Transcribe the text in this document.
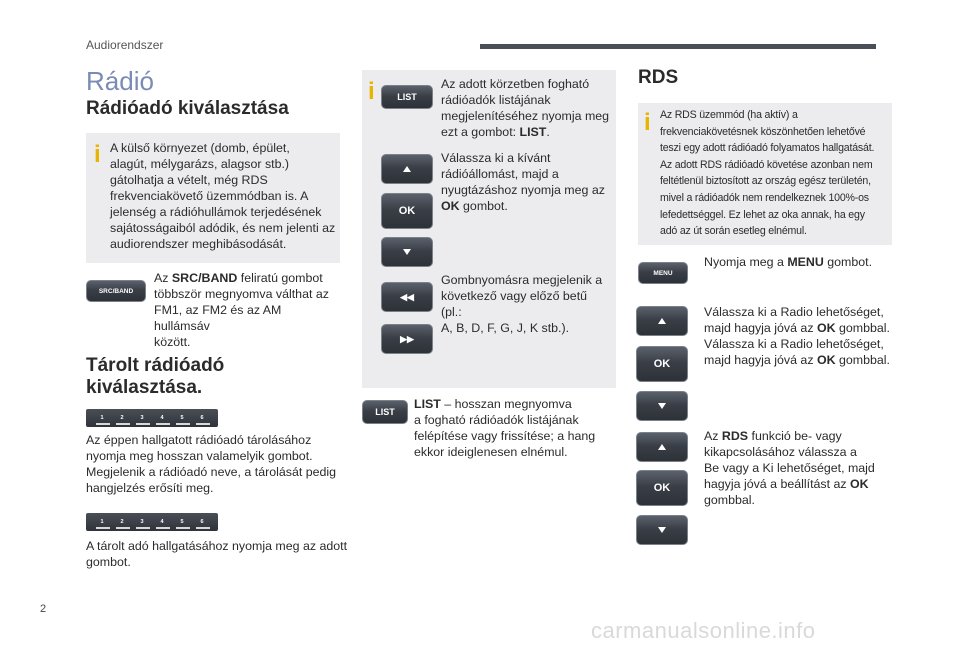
Audiorendszer
Rádió
Rádióadó kiválasztása
i A külső környezet (domb, épület,
alagút, mélygarázs, alagsor stb.)
gátolhatja a vételt, még RDS
frekvenciakövető üzemmódban is. A
jelenség a rádióhullámok terjedésének
sajátosságaiból adódik, és nem jelenti az
audiorendszer meghibásodását.
SRC/BAND
Az SRC/BAND feliratú gombot
többször megnyomva válthat az
FM1, az FM2 és az AM hullámsáv
között.
Tárolt rádióadó
kiválasztása.
1	2	3	4	5	6
Az éppen hallgatott rádióadó tárolásához
nyomja meg hosszan valamelyik gombot.
Megjelenik a rádióadó neve, a tárolását pedig
hangjelzés erősíti meg.
1	2	3	4	5	6
A tárolt adó hallgatásához nyomja meg az adott
gombot.
i	LIST
Az adott körzetben fogható
rádióadók listájának
megjelenítéséhez nyomja meg
ezt a gombot: LIST.
OK
Válassza ki a kívánt
rádióállomást, majd a
nyugtázáshoz nyomja meg az
OK gombot.
◀◀
▶▶
Gombnyomásra megjelenik a
következő vagy előző betű (pl.:
A, B, D, F, G, J, K stb.).
LIST
LIST – hosszan megnyomva
a fogható rádióadók listájának
felépítése vagy frissítése; a hang
ekkor ideiglenesen elnémul.
RDS
i Az RDS üzemmód (ha aktív) a
frekvenciakövetésnek köszönhetően lehetővé
teszi egy adott rádióadó folyamatos hallgatását.
Az adott RDS rádióadó követése azonban nem
feltétlenül biztosított az ország egész területén,
mivel a rádióadók nem rendelkeznek 100%-os
lefedettséggel. Ez lehet az oka annak, ha egy
adó az út során esetleg elnémul.
MENU
Nyomja meg a MENU gombot.
OK
Válassza ki a Radio lehetőséget,
majd hagyja jóvá az OK gombbal.
Válassza ki a Radio lehetőséget,
majd hagyja jóvá az OK gombbal.
OK
Az RDS funkció be- vagy
kikapcsolásához válassza a
Be vagy a Ki lehetőséget, majd
hagyja jóvá a beállítást az OK
gombbal.
2
carmanualsonline.info
